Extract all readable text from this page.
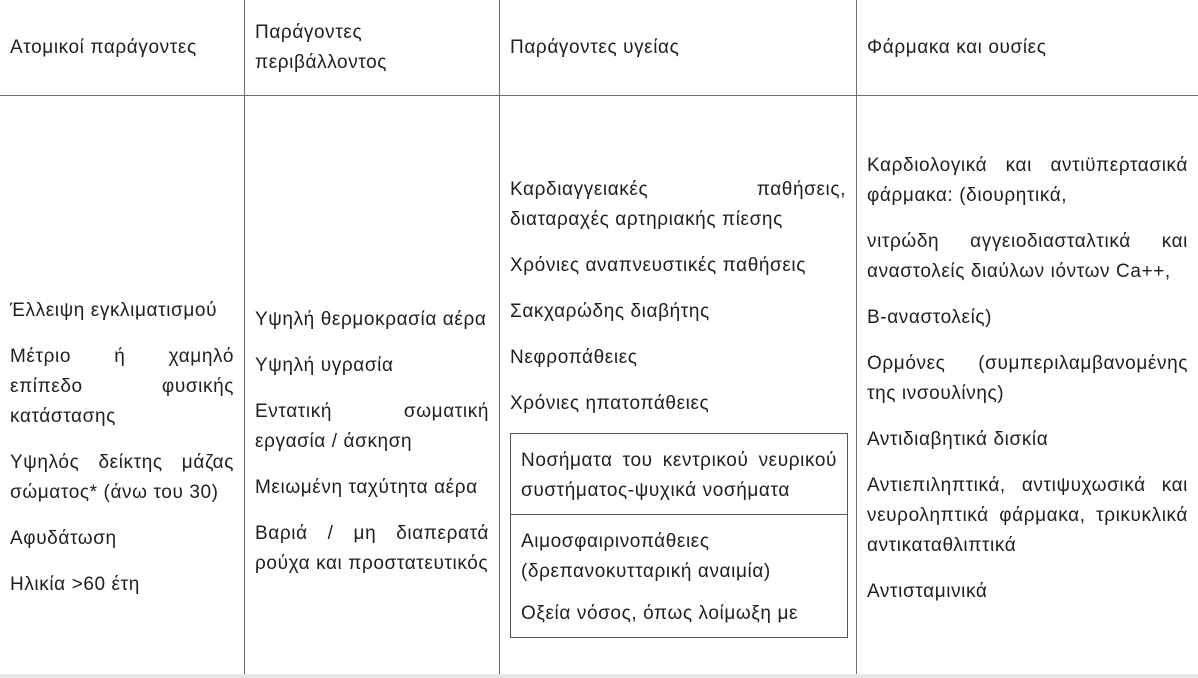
Ατομικοί παράγοντες
Παράγοντες περιβάλλοντος
Παράγοντες υγείας	Φάρμακα και ουσίες

Έλλειψη εγκλιματισμού

Μέτριο ή χαμηλό επίπεδο φυσικής κατάστασης

Υψηλός δείκτης μάζας σώματος* (άνω του 30)

Αφυδάτωση

Ηλικία >60 έτη

Υψηλή θερμοκρασία αέρα

Υψηλή υγρασία

Εντατική σωματική εργασία / άσκηση

Μειωμένη ταχύτητα αέρα

Βαριά / μη διαπερατά ρούχα και προστατευτικός

Καρδιαγγειακές παθήσεις, διαταραχές αρτηριακής πίεσης

Χρόνιες αναπνευστικές παθήσεις

Σακχαρώδης διαβήτης

Νεφροπάθειες

Χρόνιες ηπατοπάθειες

Νοσήματα του κεντρικού νευρικού συστήματος-ψυχικά νοσήματα
Αιμοσφαιρινοπάθειες (δρεπανοκυτταρική αναιμία)
Οξεία νόσος, όπως λοίμωξη με

Καρδιολογικά και αντιϋπερτασικά φάρμακα: (διουρητικά,

νιτρώδη αγγειοδιασταλτικά και αναστολείς διαύλων ιόντων Ca++,

Β-αναστολείς)

Ορμόνες (συμπεριλαμβανομένης της ινσουλίνης)

Αντιδιαβητικά δισκία

Αντιεπιληπτικά, αντιψυχωσικά και νευροληπτικά φάρμακα, τρικυκλικά αντικαταθλιπτικά

Αντισταμινικά
